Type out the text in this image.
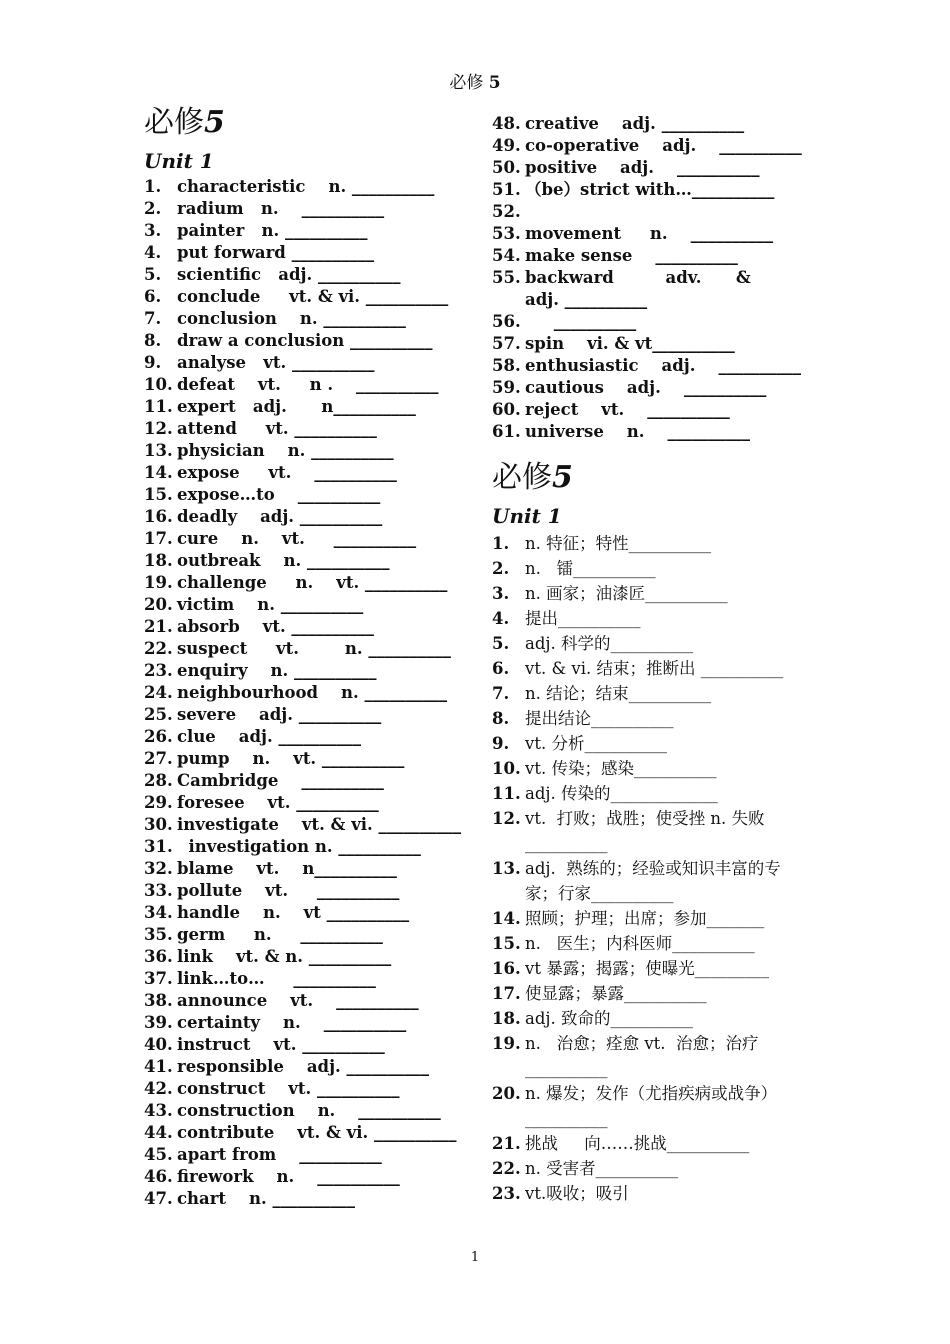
必修 5
必修5
Unit 1
1. characteristic    n. __________
2. radium   n.    __________
3. painter   n. __________
4. put forward __________
5. scientific   adj. __________
6. conclude     vt. & vi. __________
7. conclusion    n. __________
8. draw a conclusion __________
9. analyse   vt. __________
10. defeat    vt.     n .    __________
11. expert   adj.      n__________
12. attend     vt. __________
13. physician    n. __________
14. expose     vt.    __________
15. expose…to    __________
16. deadly    adj. __________
17. cure    n.    vt.     __________
18. outbreak    n. __________
19. challenge     n.    vt. __________
20. victim    n. __________
21. absorb    vt. __________
22. suspect     vt.        n. __________
23. enquiry    n. __________
24. neighbourhood    n. __________
25. severe    adj. __________
26. clue    adj. __________
27. pump    n.    vt. __________
28. Cambridge    __________
29. foresee    vt. __________
30. investigate    vt. & vi. __________
31. investigation n. __________
32. blame    vt.    n__________
33. pollute    vt.     __________
34. handle    n.    vt __________
35. germ     n.     __________
36. link    vt. & n. __________
37. link…to…     __________
38. announce    vt.    __________
39. certainty    n.    __________
40. instruct    vt. __________
41. responsible    adj. __________
42. construct    vt. __________
43. construction    n.    __________
44. contribute    vt. & vi. __________
45. apart from    __________
46. firework    n.    __________
47. chart    n. __________
48. creative    adj. __________
49. co-operative    adj.    __________
50. positive    adj.    __________
51. （be）strict with…__________
52.
53. movement     n.    __________
54. make sense    __________
55. backward         adv.      &      adj. __________
56. __________
57. spin    vi. & vt__________
58. enthusiastic    adj.    __________
59. cautious    adj.    __________
60. reject    vt.    __________
61. universe    n.    __________
必修5
Unit 1
1. n. 特征；特性__________
2. n.   镭__________
3. n. 画家；油漆匠__________
4. 提出__________
5. adj. 科学的__________
6. vt. & vi. 结束；推断出 __________
7. n. 结论；结束__________
8. 提出结论__________
9. vt. 分析__________
10. vt. 传染；感染__________
11. adj. 传染的_____________
12. vt.  打败；战胜；使受挫 n. 失败__________
13. adj.  熟练的；经验或知识丰富的专家；行家__________
14. 照顾；护理；出席；参加_______
15. n.   医生；内科医师__________
16. vt 暴露；揭露；使曝光_________
17. 使显露；暴露__________
18. adj. 致命的__________
19. n.   治愈；痊愈 vt.  治愈；治疗 __________
20. n. 爆发；发作（尤指疾病或战争）  __________
21. 挑战     向……挑战__________
22. n. 受害者__________
23. vt.吸收；吸引
1
